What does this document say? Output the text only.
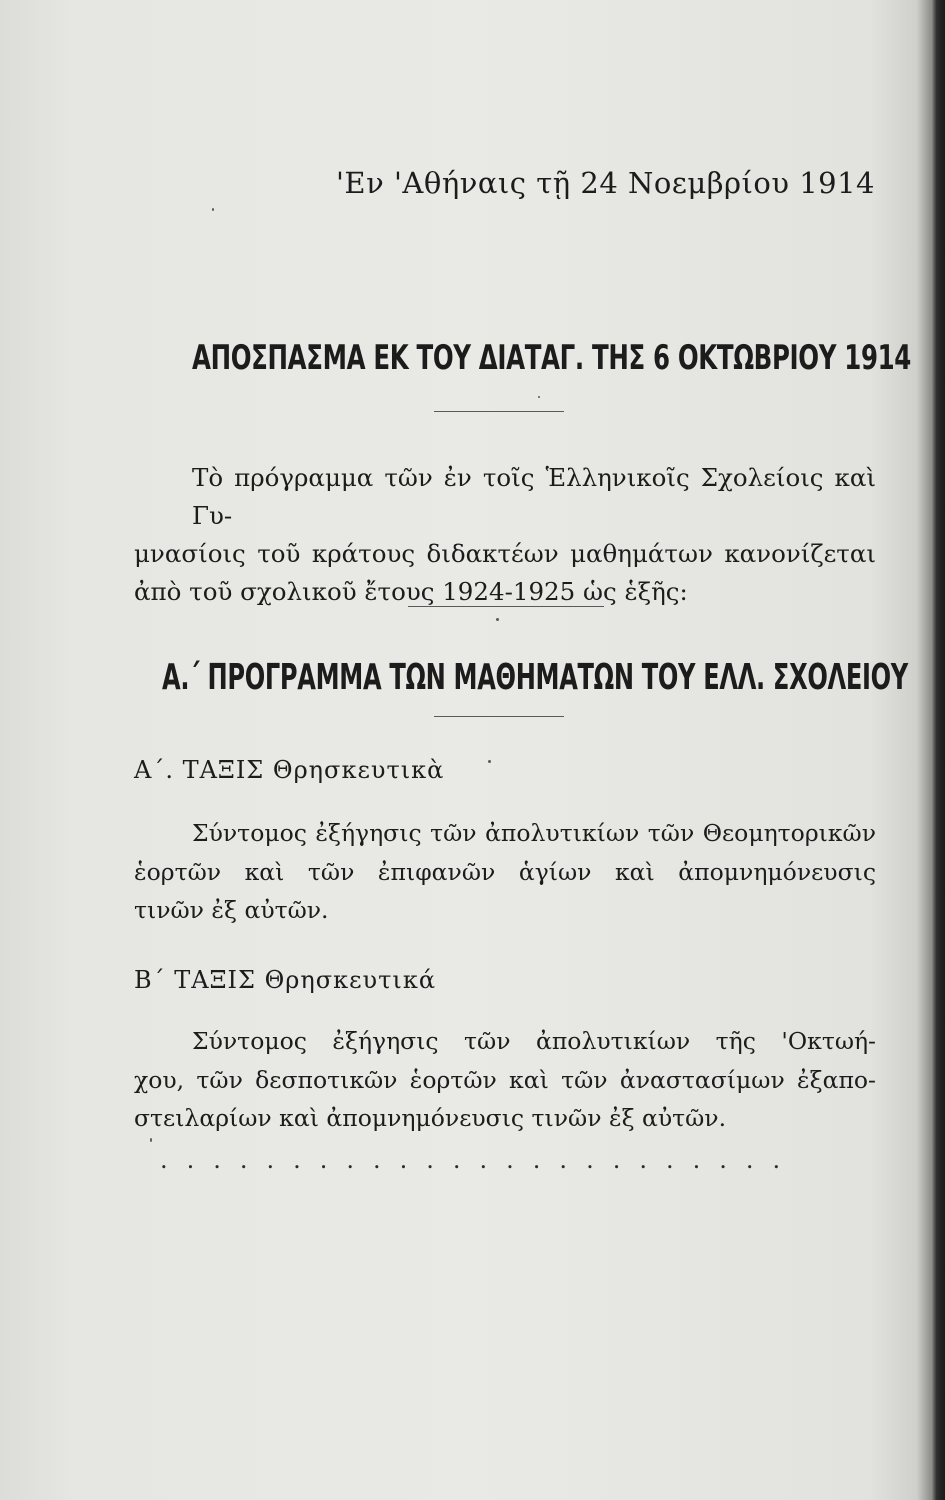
'Εν 'Αθήναις τῇ 24 Νοεμβρίου 1914
ΑΠΟΣΠΑΣΜΑ ΕΚ ΤΟΥ ΔΙΑΤΑΓ. ΤΗΣ 6 ΟΚΤΩΒΡΙΟΥ 1914
Τὸ πρόγραμμα τῶν ἐν τοῖς Ἑλληνικοῖς Σχολείοις καὶ Γυ-
μνασίοις τοῦ κράτους διδακτέων μαθημάτων κανονίζεται
ἀπὸ τοῦ σχολικοῦ ἔτους 1924-1925 ὡς ἑξῆς:
Α.΄ ΠΡΟΓΡΑΜΜΑ ΤΩΝ ΜΑΘΗΜΑΤΩΝ ΤΟΥ ΕΛΛ. ΣΧΟΛΕΙΟΥ
Α΄. ΤΑΞΙΣ Θρησκευτικὰ
Σύντομος ἐξήγησις τῶν ἀπολυτικίων τῶν Θεομητορικῶν
ἑορτῶν καὶ τῶν ἐπιφανῶν ἁγίων καὶ ἀπομνημόνευσις
τινῶν ἐξ αὐτῶν.
Β΄ ΤΑΞΙΣ Θρησκευτικά
Σύντομος ἐξήγησις τῶν ἀπολυτικίων τῆς 'Οκτωή-
χου, τῶν δεσποτικῶν ἑορτῶν καὶ τῶν ἀναστασίμων ἐξαπο-
στειλαρίων καὶ ἀπομνημόνευσις τινῶν ἐξ αὐτῶν.
........................
